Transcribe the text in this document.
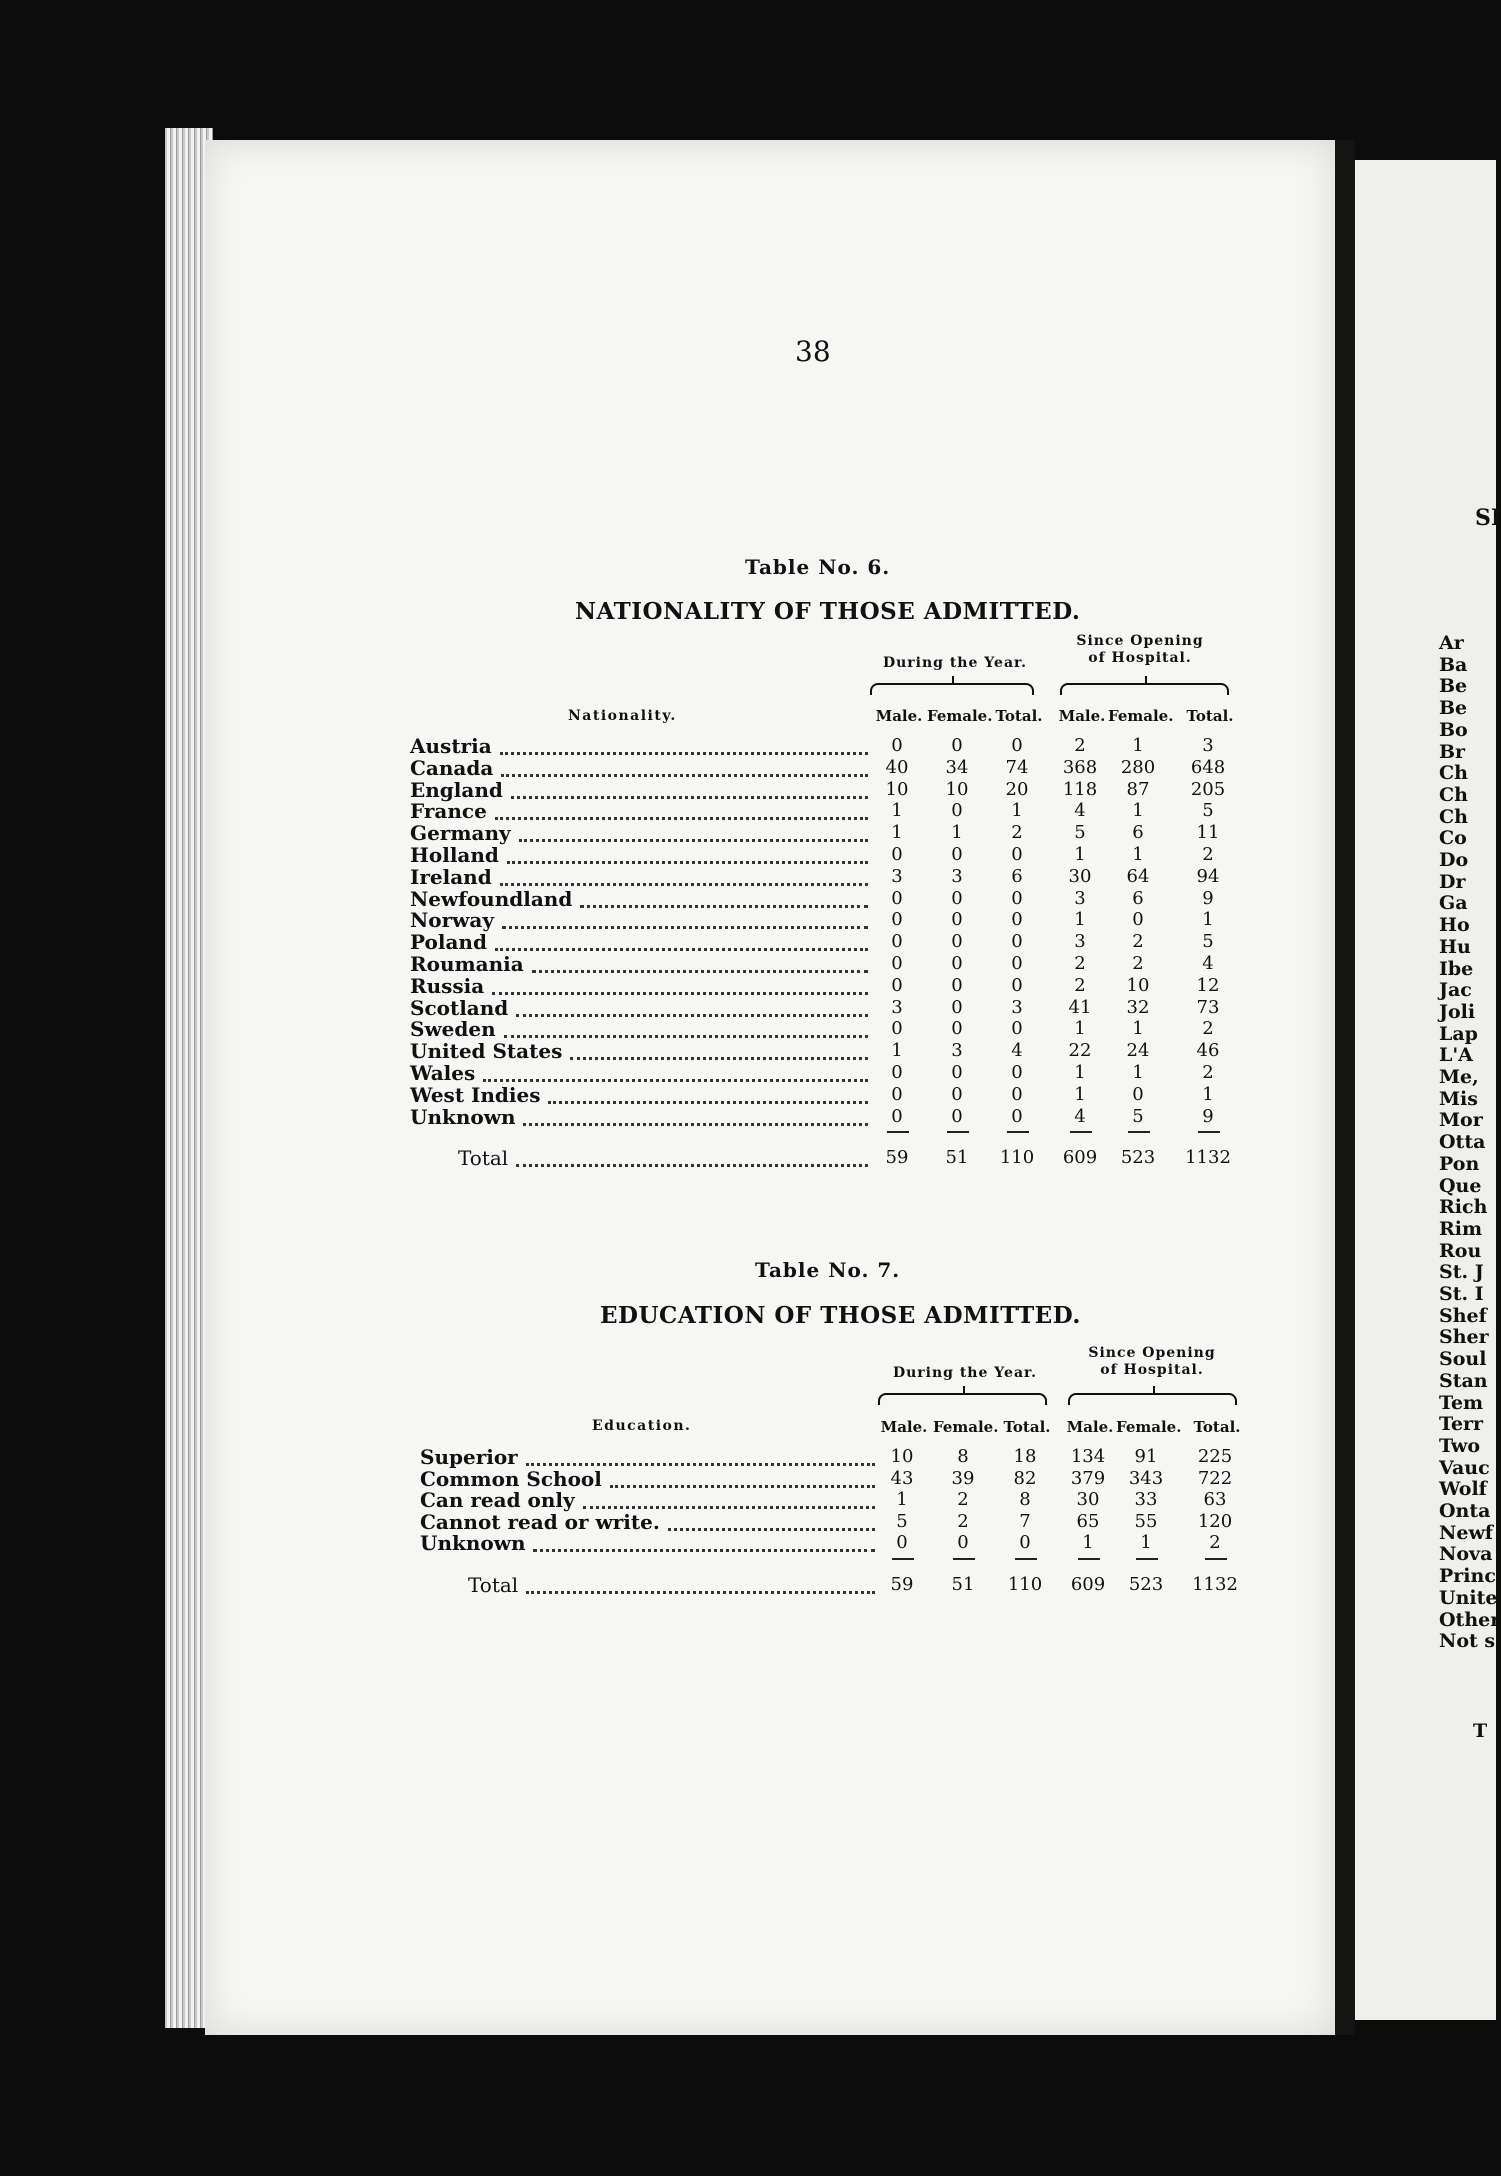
SI
Ar
Ba
Be
Be
Bo
Br
Ch
Ch
Ch
Co
Do
Dr
Ga
Ho
Hu
Ibe
Jac
Joli
Lap
L'A
Me,
Mis
Mor
Otta
Pon
Que
Rich
Rim
Rou
St. J
St. I
Shef
Sher
Soul
Stan
Tem
Terr
Two
Vauc
Wolf
Onta
Newf
Nova
Princ
Unite
Other
Not s
T
38
Table No. 6.
NATIONALITY OF THOSE ADMITTED.
During the Year.
Since Opening
of Hospital.
Nationality.	Male. Female. Total.	Male. Female. Total.
Austria	0	0	0	2	1	3
Canada	40	34	74	368	280	648
England	10	10	20	118	87	205
France	1	0	1	4	1	5
Germany	1	1	2	5	6	11
Holland	0	0	0	1	1	2
Ireland	3	3	6	30	64	94
Newfoundland	0	0	0	3	6	9
Norway	0	0	0	1	0	1
Poland	0	0	0	3	2	5
Roumania	0	0	0	2	2	4
Russia	0	0	0	2	10	12
Scotland	3	0	3	41	32	73
Sweden	0	0	0	1	1	2
United States	1	3	4	22	24	46
Wales	0	0	0	1	1	2
West Indies	0	0	0	1	0	1
Unknown	0	0	0	4	5	9
Total	59	51	110	609	523	1132
Table No. 7.
EDUCATION OF THOSE ADMITTED.
During the Year.
Since Opening
of Hospital.
Education.	Male. Female. Total.	Male. Female. Total.
Superior	10	8	18	134	91	225
Common School	43	39	82	379	343	722
Can read only	1	2	8	30	33	63
Cannot read or write.	5	2	7	65	55	120
Unknown	0	0	0	1	1	2
Total	59	51	110	609	523	1132
